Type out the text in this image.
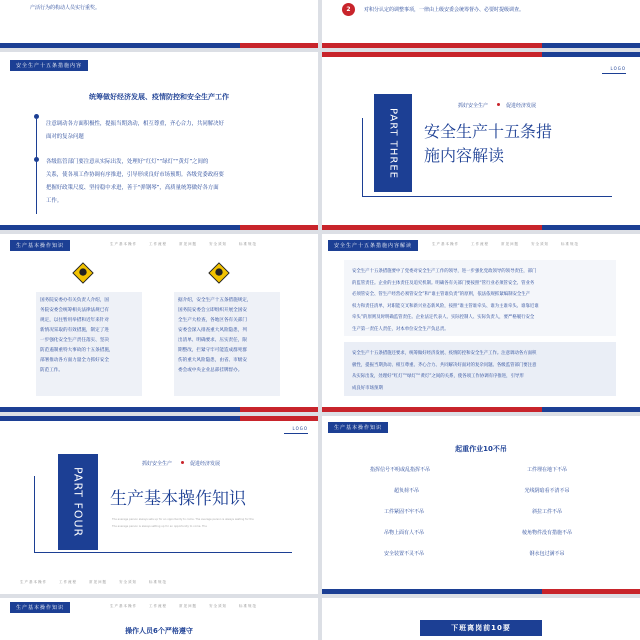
产活行为的构动人员实行重奖。	2	对积分认定的调整事项，一律由上级安委会统筹督办、必要时提级调查。
安全生产十五条措施内容
统筹做好经济发展、疫情防控和安全生产工作
注意调动各方面积极性，提振当期劲动，相互尊重，齐心合力，共同解决好
面对的复杂问题
各级监管部门要注意从实际出发，处理好“红灯”“绿灯”“黄灯”之间的
关系，使各项工作协调有序推进，引导形成良好市场预期。各级党委政府要
把握好政策尺度、坚持稳中求进，善于“弹钢琴”，高质量统筹做好各方面
工作。
LOGO
抓好安全生产	促进经济发展
PART THREE	安全生产十五条措
施内容解读
生产基本操作知识	生产基本操作	工作流程	常见问题	安全须知	标准规范
国务院安委办有关负责人介绍，国
务院安委会统筹相关法律法规已有
规定，以往暂用举措和近年来针对
新情况采取的有效措施，制定了进
一步强化安全生产责任落实、坚决
防范遏制重特大事故的十五条措施，
部署推动各方面力量全力抓好安全
防范工作。
据介绍，安全生产十五条措施规定，
国务院安委会立即组织开展全国安
全生产大检查，各地区各有关部门
安委会深入排查重大风险隐患，列
出清单、明确要求、压实责任，限
期整改，拦紧守牢可能造成群死群
伤的重大风险隐患，由省、市级安
委会或中央企业总部挂牌督办。
安全生产十五条措施内容解读	生产基本操作	工作流程	常见问题	安全须知	标准规范
安全生产十五条措施要中了党委对安全生产工作的领导，进一步强化党政领导的领导责任，部门
的监管责任。企业的主体责任及追究机制。明确各有关部门要按照“管行业必须管安全、管业务
必须管安全、管生产经营必须管安全”和“谁主管谁负责”的原则，依法依规抓紧编制安全生产
权力和责任清单，对职能交叉和新兴业态新风险，按照“谁主管谁牵头、谁为主谁牵头、谁靠近谁
牵头”的原则及时明确监管责任。企业法定代表人、实际控制人、实际负责人，要严格履行安全
生产第一责任人责任，对本单位安全生产负总责。
安全生产十五条措施还要求，统筹做好经济发展、疫情防控和安全生产工作。注意调动各方面积
极性，提振当期劲动、相互尊重、齐心合力、共同解决好面对的复杂问题。各级监管部门要注意
从实际出发，处理好“红灯”“绿灯”“黄灯”之间的关系，使各项工作协调有序推进，引导形
成良好市场预期
LOGO
抓好安全生产	促进经济发展
PART FOUR	生产基本操作知识
The average person always sets up for an opportunity to come. The average person is always waiting for the
The average person is always setting up for an opportunity to come. The
生产基本操作	工作流程	常见问题	安全须知	标准规范
生产基本操作知识
起重作业10不吊
指挥信号不明或乱指挥不吊	工件埋在地下不吊
超负荷不吊	光线阴暗看不清不吊
工件紧固不牢不吊	斜拉工件不吊
吊物上面有人不吊	棱角物件没有措施不吊
安全装置不灵不吊	钢水包过满不吊
生产基本操作知识	生产基本操作	工作流程	常见问题	安全须知	标准规范
操作人员6个严格遵守	下班离岗前10要
